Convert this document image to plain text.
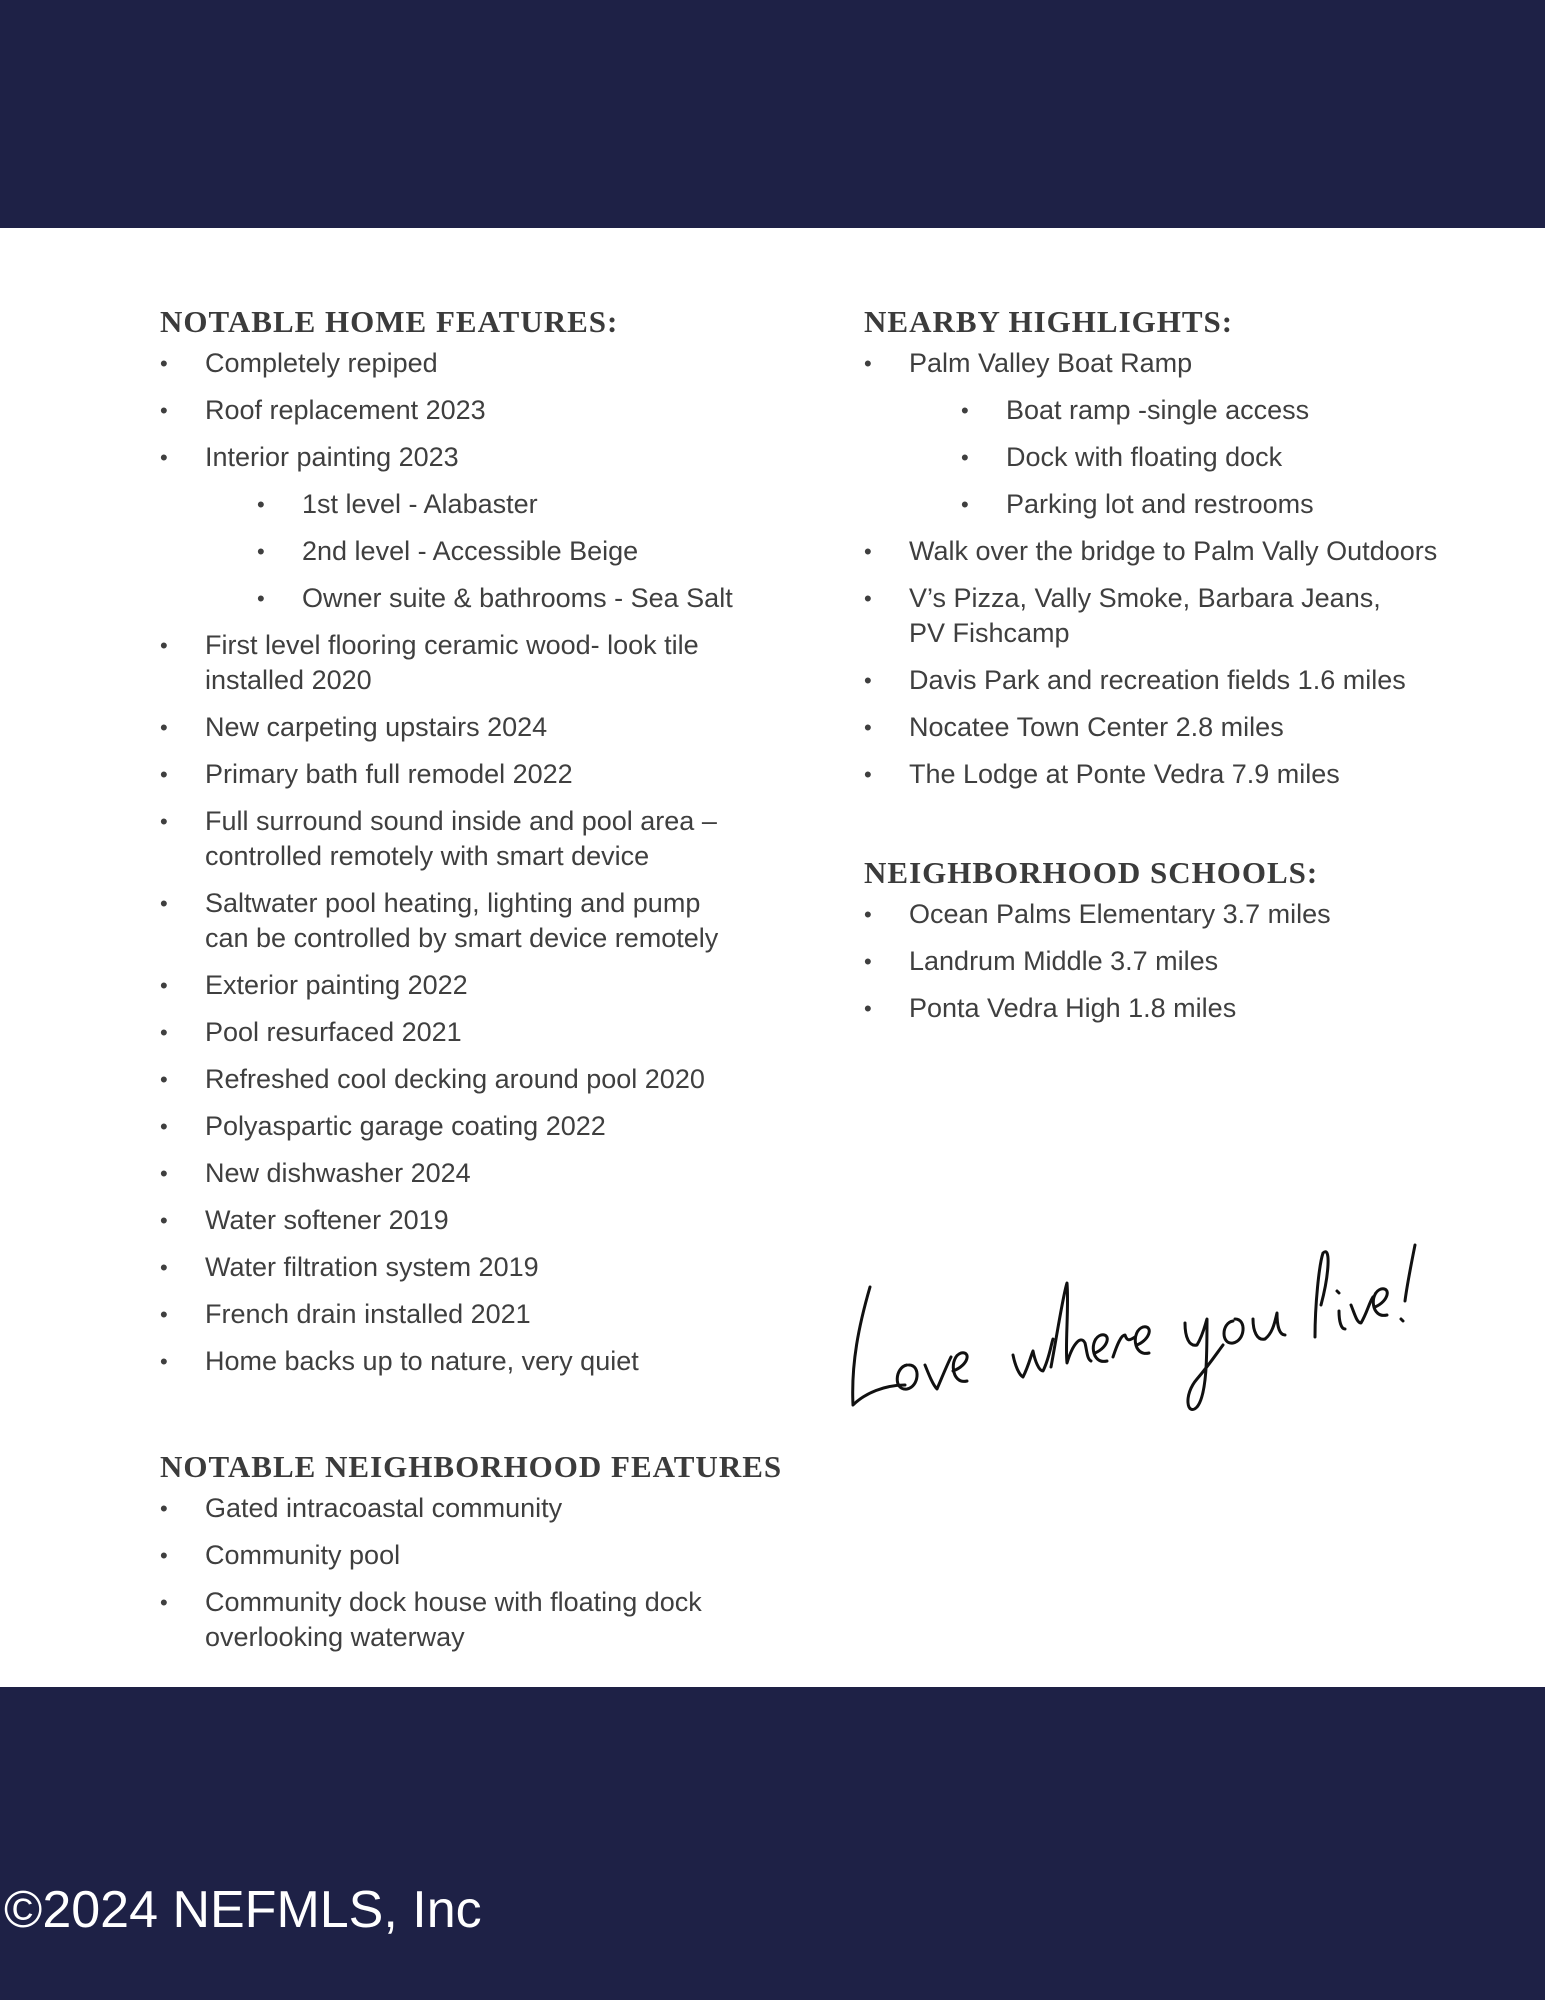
NOTABLE HOME FEATURES:
• Completely repiped
• Roof replacement 2023
• Interior painting 2023
• 1st level - Alabaster
• 2nd level - Accessible Beige
• Owner suite & bathrooms - Sea Salt
• First level flooring ceramic wood- look tile installed 2020
• New carpeting upstairs 2024
• Primary bath full remodel 2022
• Full surround sound inside and pool area – controlled remotely with smart device
• Saltwater pool heating, lighting and pump can be controlled by smart device remotely
• Exterior painting 2022
• Pool resurfaced 2021
• Refreshed cool decking around pool 2020
• Polyaspartic garage coating 2022
• New dishwasher 2024
• Water softener 2019
• Water filtration system 2019
• French drain installed 2021
• Home backs up to nature, very quiet
NOTABLE NEIGHBORHOOD FEATURES
• Gated intracoastal community
• Community pool
• Community dock house with floating dock overlooking waterway
NEARBY HIGHLIGHTS:
• Palm Valley Boat Ramp
• Boat ramp -single access
• Dock with floating dock
• Parking lot and restrooms
• Walk over the bridge to Palm Vally Outdoors
• V’s Pizza, Vally Smoke, Barbara Jeans, PV Fishcamp
• Davis Park and recreation fields 1.6 miles
• Nocatee Town Center 2.8 miles
• The Lodge at Ponte Vedra 7.9 miles
NEIGHBORHOOD SCHOOLS:
• Ocean Palms Elementary 3.7 miles
• Landrum Middle 3.7 miles
• Ponta Vedra High 1.8 miles
©2024 NEFMLS, Inc
